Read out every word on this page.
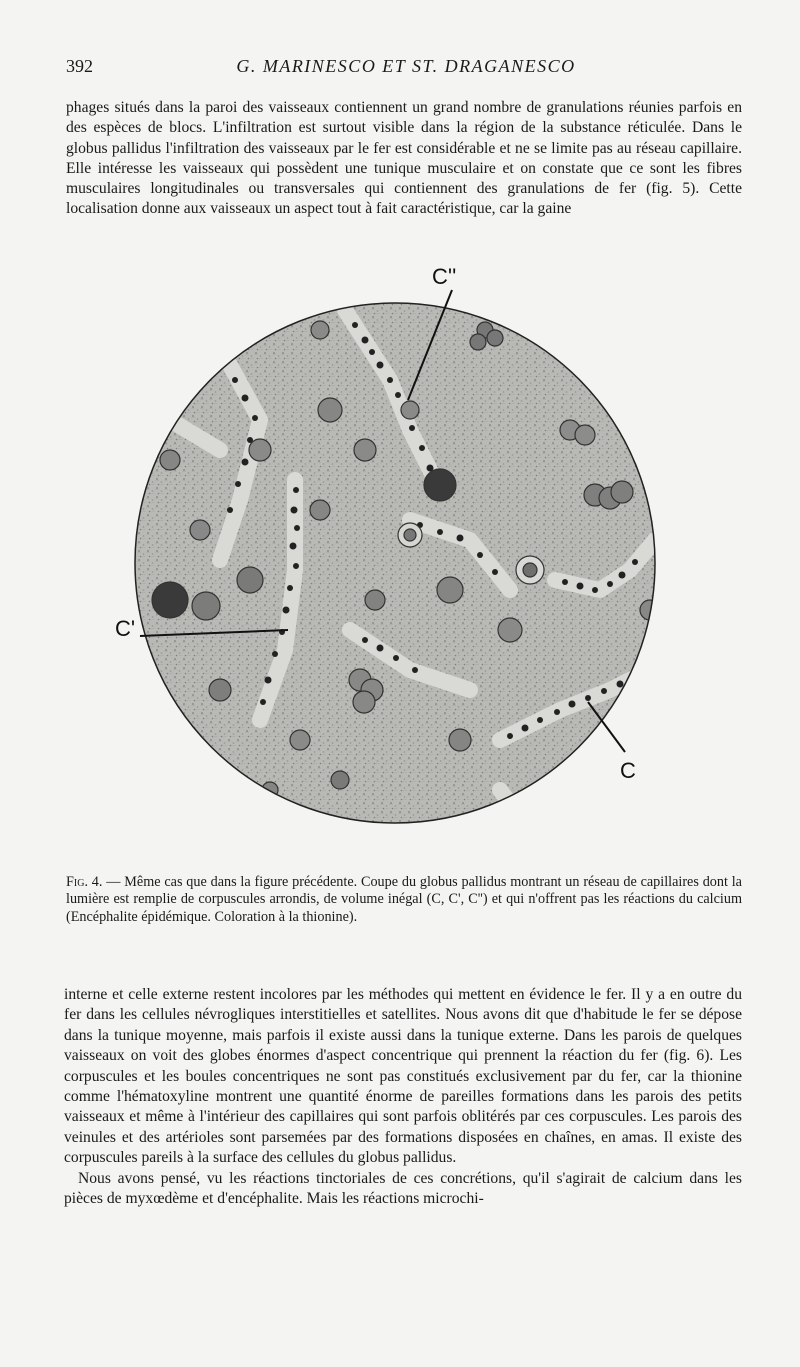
392	G. MARINESCO ET ST. DRAGANESCO

phages situés dans la paroi des vaisseaux contiennent un grand nombre de granulations réunies parfois en des espèces de blocs. L'infiltration est surtout visible dans la région de la substance réticulée. Dans le globus pallidus l'infiltration des vaisseaux par le fer est considérable et ne se limite pas au réseau capillaire. Elle intéresse les vaisseaux qui possèdent une tunique musculaire et on constate que ce sont les fibres musculaires longitudinales ou transversales qui contiennent des granulations de fer (fig. 5). Cette localisation donne aux vaisseaux un aspect tout à fait caractéristique, car la gaine

C''
C'
C

Fig. 4. — Même cas que dans la figure précédente. Coupe du globus pallidus montrant un réseau de capillaires dont la lumière est remplie de corpuscules arrondis, de volume inégal (C, C', C'') et qui n'offrent pas les réactions du calcium (Encéphalite épidémique. Coloration à la thionine).

interne et celle externe restent incolores par les méthodes qui mettent en évidence le fer. Il y a en outre du fer dans les cellules névrogliques interstitielles et satellites. Nous avons dit que d'habitude le fer se dépose dans la tunique moyenne, mais parfois il existe aussi dans la tunique externe. Dans les parois de quelques vaisseaux on voit des globes énormes d'aspect concentrique qui prennent la réaction du fer (fig. 6). Les corpuscules et les boules concentriques ne sont pas constitués exclusivement par du fer, car la thionine comme l'hématoxyline montrent une quantité énorme de pareilles formations dans les parois des petits vaisseaux et même à l'intérieur des capillaires qui sont parfois oblitérés par ces corpuscules. Les parois des veinules et des artérioles sont parsemées par des formations disposées en chaînes, en amas. Il existe des corpuscules pareils à la surface des cellules du globus pallidus.
Nous avons pensé, vu les réactions tinctoriales de ces concrétions, qu'il s'agirait de calcium dans les pièces de myxœdème et d'encéphalite. Mais les réactions microchi-
